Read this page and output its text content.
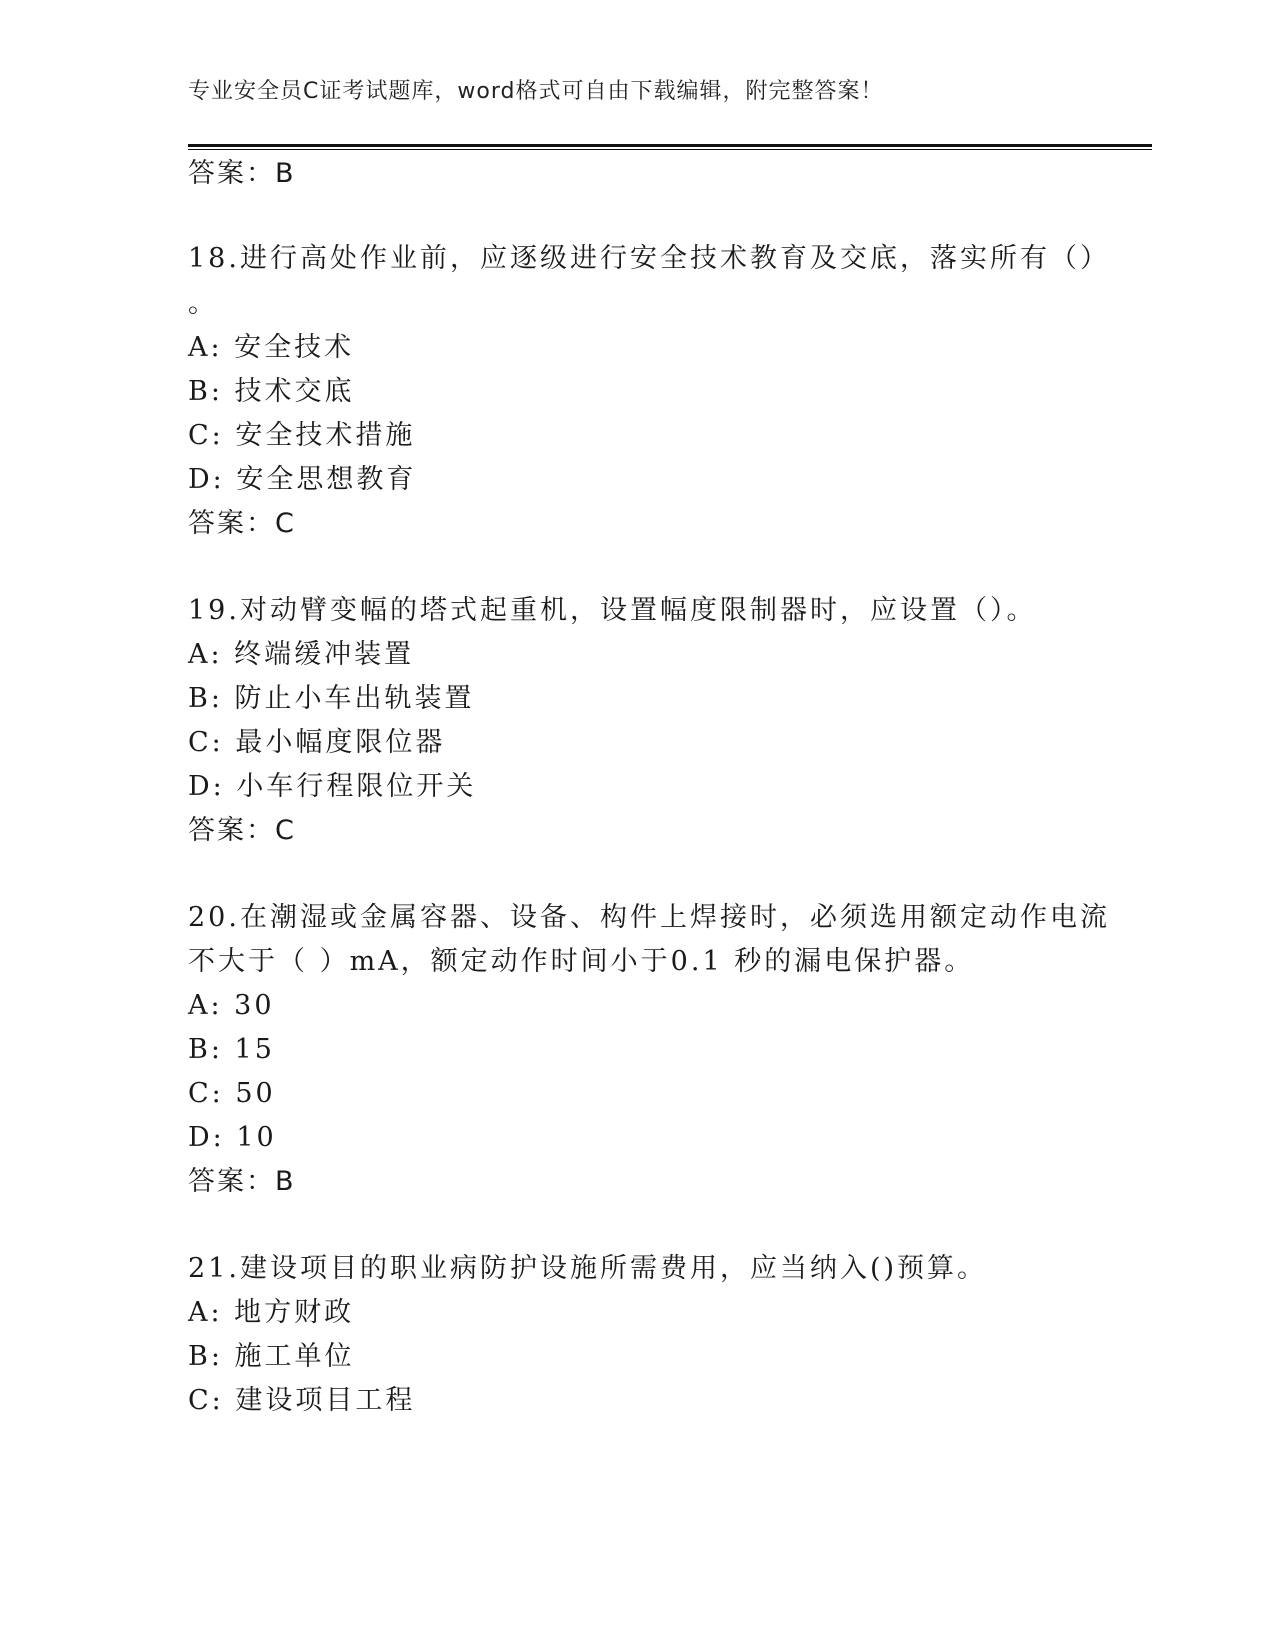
专业安全员C证考试题库，word格式可自由下载编辑，附完整答案！
答案：B
18.进行高处作业前，应逐级进行安全技术教育及交底，落实所有（）
。
A: 安全技术
B: 技术交底
C: 安全技术措施
D: 安全思想教育
答案：C
19.对动臂变幅的塔式起重机，设置幅度限制器时，应设置（）。
A: 终端缓冲装置
B: 防止小车出轨装置
C: 最小幅度限位器
D: 小车行程限位开关
答案：C
20.在潮湿或金属容器、设备、构件上焊接时，必须选用额定动作电流
不大于（ ）mA，额定动作时间小于0.1 秒的漏电保护器。
A: 30
B: 15
C: 50
D: 10
答案：B
21.建设项目的职业病防护设施所需费用，应当纳入()预算。
A: 地方财政
B: 施工单位
C: 建设项目工程
